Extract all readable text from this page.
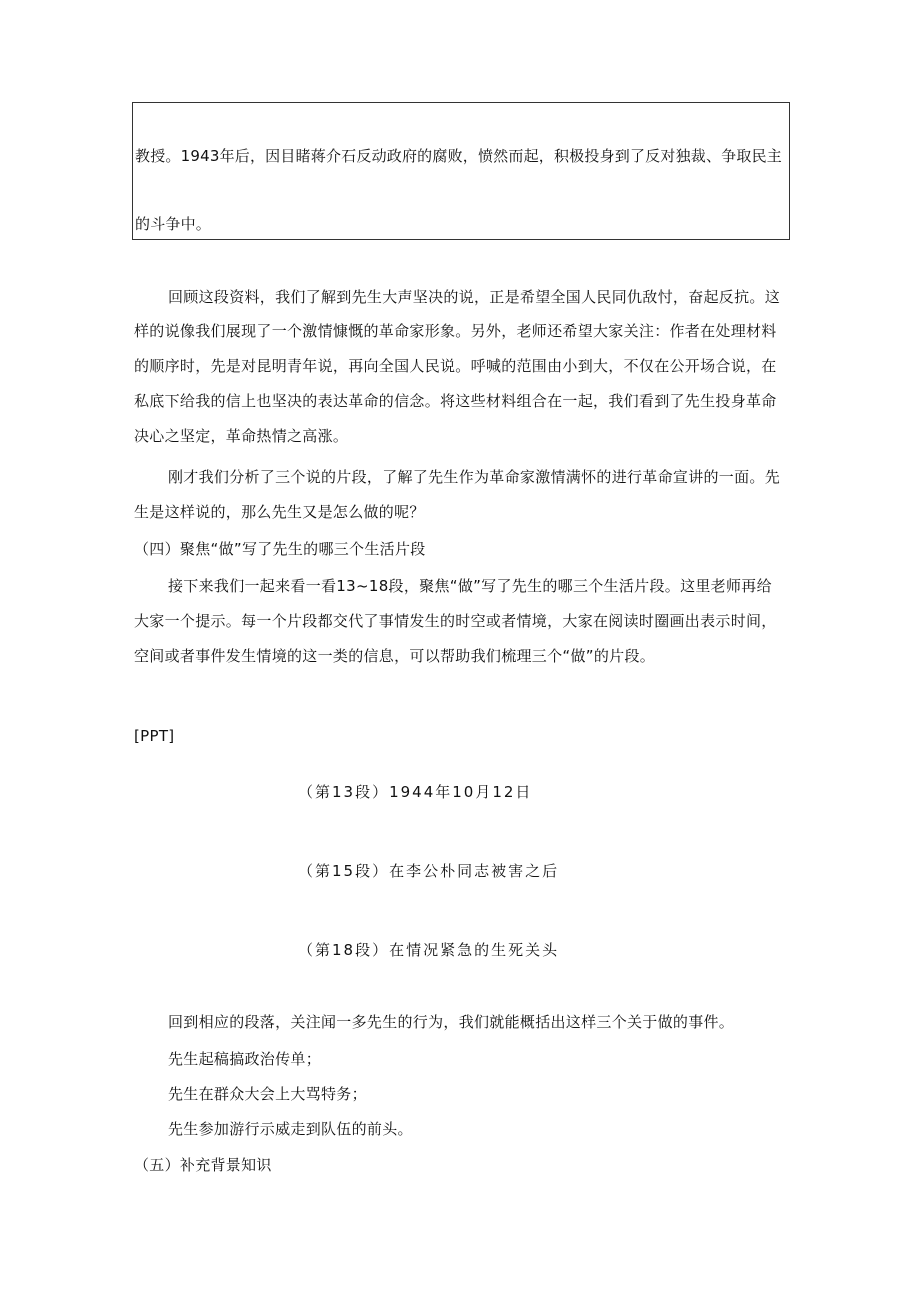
教授。1943年后，因目睹蒋介石反动政府的腐败，愤然而起，积极投身到了反对独裁、争取民主
的斗争中。
回顾这段资料，我们了解到先生大声坚决的说，正是希望全国人民同仇敌忖，奋起反抗。这
样的说像我们展现了一个激情慷慨的革命家形象。另外，老师还希望大家关注：作者在处理材料
的顺序时，先是对昆明青年说，再向全国人民说。呼喊的范围由小到大，不仅在公开场合说，在
私底下给我的信上也坚决的表达革命的信念。将这些材料组合在一起，我们看到了先生投身革命
决心之坚定，革命热情之高涨。
刚才我们分析了三个说的片段，了解了先生作为革命家激情满怀的进行革命宣讲的一面。先
生是这样说的，那么先生又是怎么做的呢？
（四）聚焦“做”写了先生的哪三个生活片段
接下来我们一起来看一看13~18段，聚焦“做”写了先生的哪三个生活片段。这里老师再给
大家一个提示。每一个片段都交代了事情发生的时空或者情境，大家在阅读时圈画出表示时间，
空间或者事件发生情境的这一类的信息，可以帮助我们梳理三个“做”的片段。
[PPT]
（第13段）1944年10月12日
（第15段）在李公朴同志被害之后
（第18段）在情况紧急的生死关头
回到相应的段落，关注闻一多先生的行为，我们就能概括出这样三个关于做的事件。
先生起稿搞政治传单；
先生在群众大会上大骂特务；
先生参加游行示威走到队伍的前头。
（五）补充背景知识
